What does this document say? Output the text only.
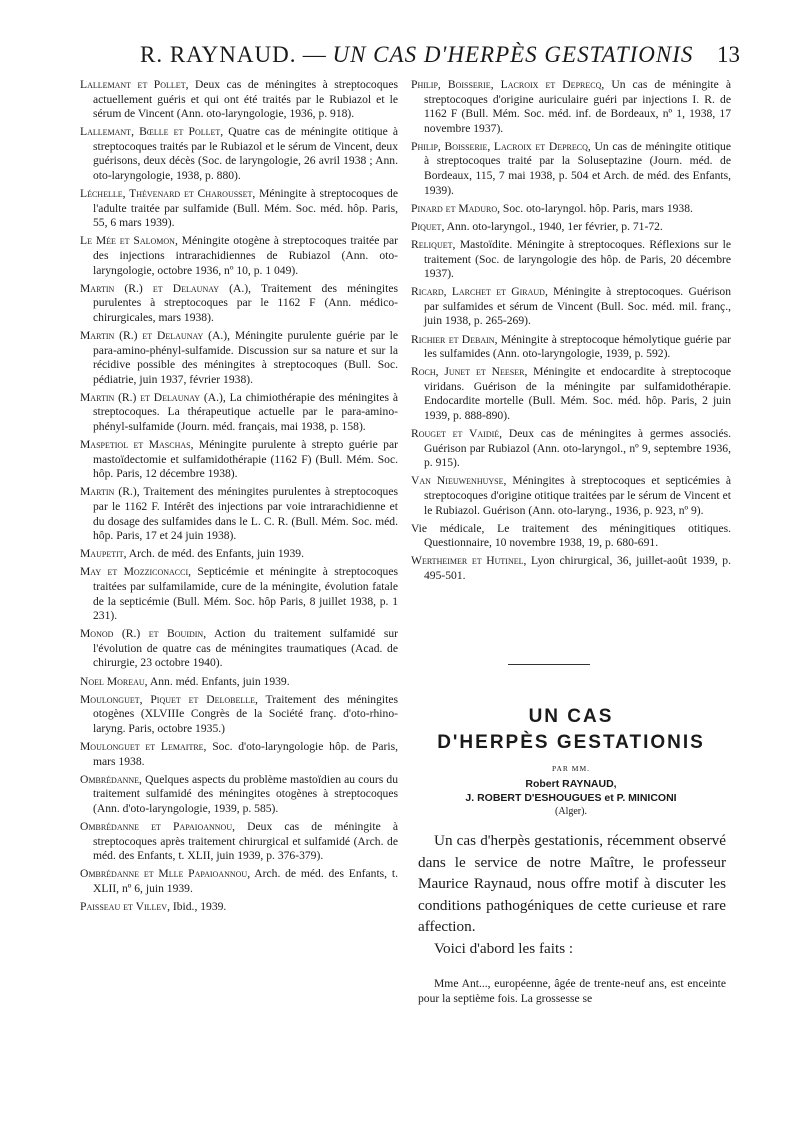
R. RAYNAUD. — UN CAS D'HERPÈS GESTATIONIS	13

Lallemant et Pollet, Deux cas de méningites à streptocoques actuellement guéris et qui ont été traités par le Rubiazol et le sérum de Vincent (Ann. oto-laryngologie, 1936, p. 918).

Lallemant, Bœlle et Pollet, Quatre cas de méningite otitique à streptocoques traités par le Rubiazol et le sérum de Vincent, deux guérisons, deux décès (Soc. de laryngologie, 26 avril 1938 ; Ann. oto-laryngologie, 1938, p. 880).

Léchelle, Thévenard et Charousset, Méningite à streptocoques de l'adulte traitée par sulfamide (Bull. Mém. Soc. méd. hôp. Paris, 55, 6 mars 1939).

Le Mée et Salomon, Méningite otogène à streptocoques traitée par des injections intrarachidiennes de Rubiazol (Ann. oto-laryngologie, octobre 1936, nº 10, p. 1 049).

Martin (R.) et Delaunay (A.), Traitement des méningites purulentes à streptocoques par le 1162 F (Ann. médico-chirurgicales, mars 1938).

Martin (R.) et Delaunay (A.), Méningite purulente guérie par le para-amino-phényl-sulfamide. Discussion sur sa nature et sur la récidive possible des méningites à streptocoques (Bull. Soc. pédiatrie, juin 1937, février 1938).

Martin (R.) et Delaunay (A.), La chimiothérapie des méningites à streptocoques. La thérapeutique actuelle par le para-amino-phényl-sulfamide (Journ. méd. français, mai 1938, p. 158).

Maspetiol et Maschas, Méningite purulente à strepto guérie par mastoïdectomie et sulfamidothérapie (1162 F) (Bull. Mém. Soc. hôp. Paris, 12 décembre 1938).

Martin (R.), Traitement des méningites purulentes à streptocoques par le 1162 F. Intérêt des injections par voie intrarachidienne et du dosage des sulfamides dans le L. C. R. (Bull. Mém. Soc. méd. hôp. Paris, 17 et 24 juin 1938).

Maupetit, Arch. de méd. des Enfants, juin 1939.

May et Mozziconacci, Septicémie et méningite à streptocoques traitées par sulfamilamide, cure de la méningite, évolution fatale de la septicémie (Bull. Mém. Soc. hôp Paris, 8 juillet 1938, p. 1 231).

Monod (R.) et Bouidin, Action du traitement sulfamidé sur l'évolution de quatre cas de méningites traumatiques (Acad. de chirurgie, 23 octobre 1940).

Noel Moreau, Ann. méd. Enfants, juin 1939.

Moulonguet, Piquet et Delobelle, Traitement des méningites otogènes (XLVIIIe Congrès de la Société franç. d'oto-rhino-laryng. Paris, octobre 1935.)

Moulonguet et Lemaitre, Soc. d'oto-laryngologie hôp. de Paris, mars 1938.

Ombrédanne, Quelques aspects du problème mastoïdien au cours du traitement sulfamidé des méningites otogènes à streptocoques (Ann. d'oto-laryngologie, 1939, p. 585).

Ombrédanne et Papaioannou, Deux cas de méningite à streptocoques après traitement chirurgical et sulfamidé (Arch. de méd. des Enfants, t. XLII, juin 1939, p. 376-379).

Ombrédanne et Mlle Papaioannou, Arch. de méd. des Enfants, t. XLII, nº 6, juin 1939.

Paisseau et Villev, Ibid., 1939.

Philip, Boisserie, Lacroix et Deprecq, Un cas de méningite à streptocoques d'origine auriculaire guéri par injections I. R. de 1162 F (Bull. Mém. Soc. méd. inf. de Bordeaux, nº 1, 1938, 17 novembre 1937).

Philip, Boisserie, Lacroix et Deprecq, Un cas de méningite otitique à streptocoques traité par la Soluseptazine (Journ. méd. de Bordeaux, 115, 7 mai 1938, p. 504 et Arch. de méd. des Enfants, 1939).

Pinard et Maduro, Soc. oto-laryngol. hôp. Paris, mars 1938.

Piquet, Ann. oto-laryngol., 1940, 1er février, p. 71-72.

Reliquet, Mastoïdite. Méningite à streptocoques. Réflexions sur le traitement (Soc. de laryngologie des hôp. de Paris, 20 décembre 1937).

Ricard, Larchet et Giraud, Méningite à streptocoques. Guérison par sulfamides et sérum de Vincent (Bull. Soc. méd. mil. franç., juin 1938, p. 265-269).

Richier et Debain, Méningite à streptocoque hémolytique guérie par les sulfamides (Ann. oto-laryngologie, 1939, p. 592).

Roch, Junet et Neeser, Méningite et endocardite à streptocoque viridans. Guérison de la méningite par sulfamidothérapie. Endocardite mortelle (Bull. Mém. Soc. méd. hôp. Paris, 2 juin 1939, p. 888-890).

Rouget et Vaidié, Deux cas de méningites à germes associés. Guérison par Rubiazol (Ann. oto-laryngol., nº 9, septembre 1936, p. 915).

Van Nieuwenhuyse, Méningites à streptocoques et septicémies à streptocoques d'origine otitique traitées par le sérum de Vincent et le Rubiazol. Guérison (Ann. oto-laryng., 1936, p. 923, nº 9).

Vie médicale, Le traitement des méningitiques otitiques. Questionnaire, 10 novembre 1938, 19, p. 680-691.

Wertheimer et Hutinel, Lyon chirurgical, 36, juillet-août 1939, p. 495-501.

UN CAS
D'HERPÈS GESTATIONIS
PAR MM.
Robert RAYNAUD,
J. ROBERT D'ESHOUGUES et P. MINICONI
(Alger).

Un cas d'herpès gestationis, récemment observé dans le service de notre Maître, le professeur Maurice Raynaud, nous offre motif à discuter les conditions pathogéniques de cette curieuse et rare affection.

Voici d'abord les faits :

Mme Ant..., européenne, âgée de trente-neuf ans, est enceinte pour la septième fois. La grossesse se
